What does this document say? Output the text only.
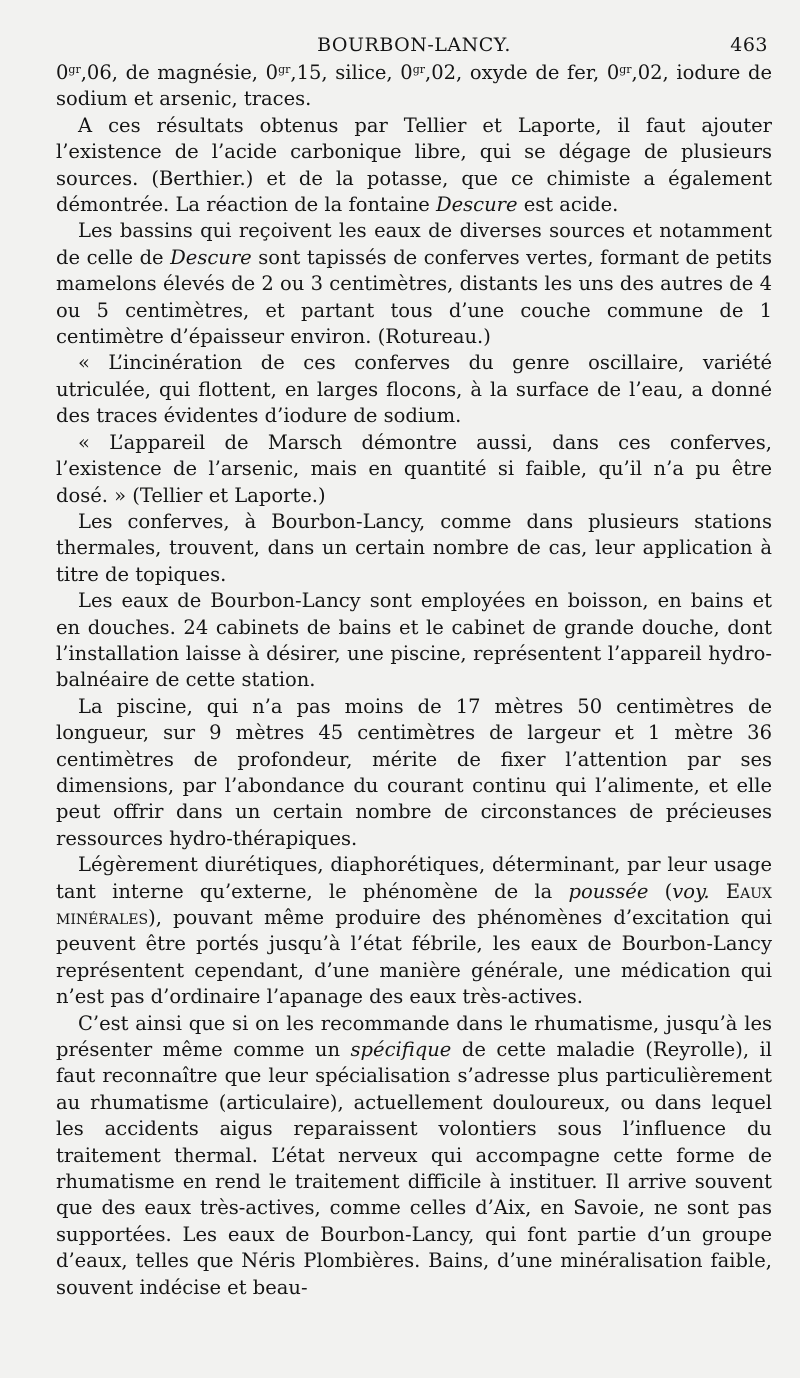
BOURBON-LANCY.	463

$0^{gr},06$, de magnésie, $0^{gr},15$, silice, $0^{gr},02$, oxyde de fer, $0^{gr},02$, iodure de sodium et arsenic, traces.

A ces résultats obtenus par Tellier et Laporte, il faut ajouter l’existence de l’acide carbonique libre, qui se dégage de plusieurs sources. (Berthier.) et de la potasse, que ce chimiste a également démontrée. La réaction de la fontaine Descure est acide.

Les bassins qui reçoivent les eaux de diverses sources et notamment de celle de Descure sont tapissés de conferves vertes, formant de petits mamelons élevés de 2 ou 3 centimètres, distants les uns des autres de 4 ou 5 centimètres, et partant tous d’une couche commune de 1 centimètre d’épaisseur environ. (Rotureau.)

« L’incinération de ces conferves du genre oscillaire, variété utriculée, qui flottent, en larges flocons, à la surface de l’eau, a donné des traces évidentes d’iodure de sodium.

« L’appareil de Marsch démontre aussi, dans ces conferves, l’existence de l’arsenic, mais en quantité si faible, qu’il n’a pu être dosé. » (Tellier et Laporte.)

Les conferves, à Bourbon-Lancy, comme dans plusieurs stations thermales, trouvent, dans un certain nombre de cas, leur application à titre de topiques.

Les eaux de Bourbon-Lancy sont employées en boisson, en bains et en douches. 24 cabinets de bains et le cabinet de grande douche, dont l’installation laisse à désirer, une piscine, représentent l’appareil hydro-balnéaire de cette station.

La piscine, qui n’a pas moins de 17 mètres 50 centimètres de longueur, sur 9 mètres 45 centimètres de largeur et 1 mètre 36 centimètres de profondeur, mérite de fixer l’attention par ses dimensions, par l’abondance du courant continu qui l’alimente, et elle peut offrir dans un certain nombre de circonstances de précieuses ressources hydro-thérapiques.

Légèrement diurétiques, diaphorétiques, déterminant, par leur usage tant interne qu’externe, le phénomène de la poussée (voy. Eaux minérales), pouvant même produire des phénomènes d’excitation qui peuvent être portés jusqu’à l’état fébrile, les eaux de Bourbon-Lancy représentent cependant, d’une manière générale, une médication qui n’est pas d’ordinaire l’apanage des eaux très-actives.

C’est ainsi que si on les recommande dans le rhumatisme, jusqu’à les présenter même comme un spécifique de cette maladie (Reyrolle), il faut reconnaître que leur spécialisation s’adresse plus particulièrement au rhumatisme (articulaire), actuellement douloureux, ou dans lequel les accidents aigus reparaissent volontiers sous l’influence du traitement thermal. L’état nerveux qui accompagne cette forme de rhumatisme en rend le traitement difficile à instituer. Il arrive souvent que des eaux très-actives, comme celles d’Aix, en Savoie, ne sont pas supportées. Les eaux de Bourbon-Lancy, qui font partie d’un groupe d’eaux, telles que Néris Plombières. Bains, d’une minéralisation faible, souvent indécise et beau-
